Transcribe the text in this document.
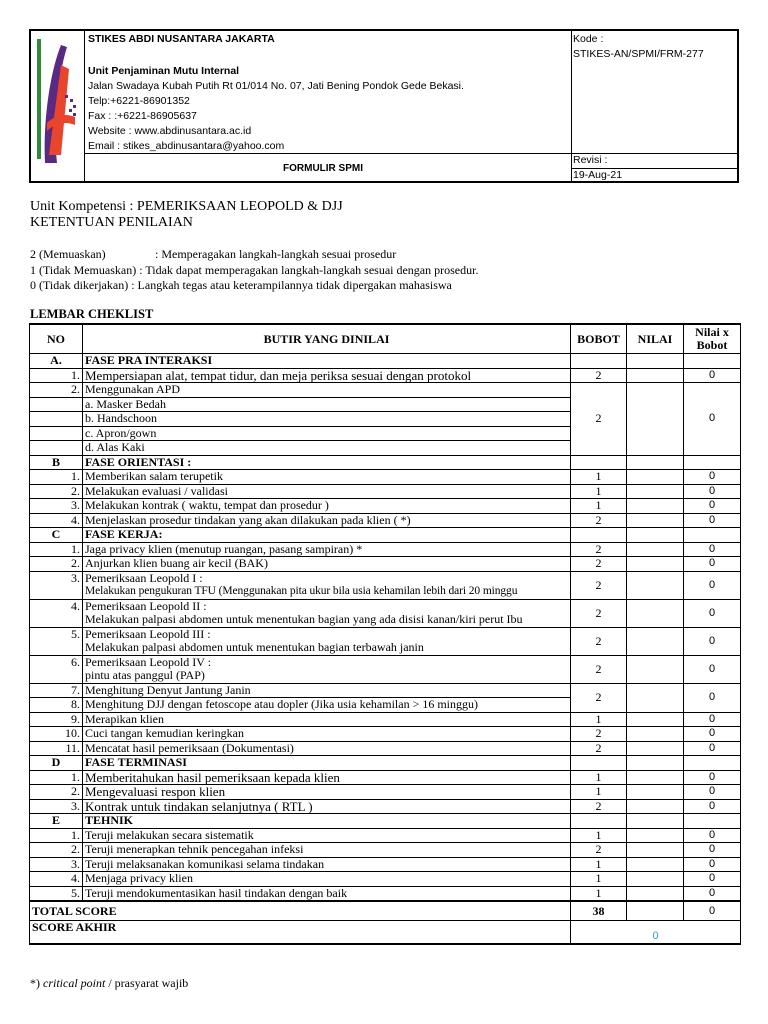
STIKES ABDI NUSANTARA JAKARTA
Unit Penjaminan Mutu Internal
Jalan Swadaya Kubah Putih Rt 01/014 No. 07, Jati Bening Pondok Gede Bekasi.
Telp:+6221-86901352
Fax : :+6221-86905637
Website : www.abdinusantara.ac.id
Email : stikes_abdinusantara@yahoo.com
FORMULIR SPMI
Kode :
STIKES-AN/SPMI/FRM-277
Revisi :
19-Aug-21
Unit Kompetensi : PEMERIKSAAN LEOPOLD & DJJ
KETENTUAN PENILAIAN
2 (Memuaskan)	: Memperagakan langkah-langkah sesuai prosedur
1 (Tidak Memuaskan) : Tidak dapat memperagakan langkah-langkah sesuai dengan prosedur.
0 (Tidak dikerjakan) : Langkah tegas atau keterampilannya tidak dipergakan mahasiswa
LEMBAR CHEKLIST
NO	BUTIR YANG DINILAI	BOBOT	NILAI	Nilai x
Bobot
A.	FASE PRA INTERAKSI			
1.	Mempersiapan alat, tempat tidur, dan meja periksa sesuai dengan protokol	2		0
2.	Menggunakan APD	2		0
	a. Masker Bedah			
	b. Handschoon			
	c. Apron/gown			
	d. Alas Kaki			
B	FASE ORIENTASI :			
1.	Memberikan salam terupetik	1		0
2.	Melakukan evaluasi / validasi	1		0
3.	Melakukan kontrak ( waktu, tempat dan prosedur )	1		0
4.	Menjelaskan prosedur tindakan yang akan dilakukan pada klien ( *)	2		0
C	FASE KERJA:			
1.	Jaga privacy klien (menutup ruangan, pasang sampiran) *	2		0
2.	Anjurkan klien buang air kecil (BAK)	2		0
3.	Pemeriksaan Leopold I :	2		0
	Melakukan pengukuran TFU (Menggunakan pita ukur bila usia kehamilan lebih dari 20 minggu			
4.	Pemeriksaan Leopold II :	2		0
	Melakukan palpasi abdomen untuk menentukan bagian yang ada disisi kanan/kiri perut Ibu			
5.	Pemeriksaan Leopold III :	2		0
	Melakukan palpasi abdomen untuk menentukan bagian terbawah janin			
6.	Pemeriksaan Leopold IV :	2		0
	pintu atas panggul (PAP)			
7.	Menghitung Denyut Jantung Janin	2		0
8.	Menghitung DJJ dengan fetoscope atau dopler (Jika usia kehamilan > 16 minggu)			
9.	Merapikan klien	1		0
10.	Cuci tangan kemudian keringkan	2		0
11.	Mencatat hasil pemeriksaan (Dokumentasi)	2		0
D	FASE TERMINASI			
1.	Memberitahukan hasil pemeriksaan kepada klien	1		0
2.	Mengevaluasi respon klien	1		0
3.	Kontrak untuk tindakan selanjutnya ( RTL )	2		0
E	TEHNIK			
1.	Teruji melakukan secara sistematik	1		0
2.	Teruji menerapkan tehnik pencegahan infeksi	2		0
3.	Teruji melaksanakan komunikasi selama tindakan	1		0
4.	Menjaga privacy klien	1		0
5.	Teruji mendokumentasikan hasil tindakan dengan baik	1		0
TOTAL SCORE		38		0
SCORE AKHIR		0		
*) critical point / prasyarat wajib
